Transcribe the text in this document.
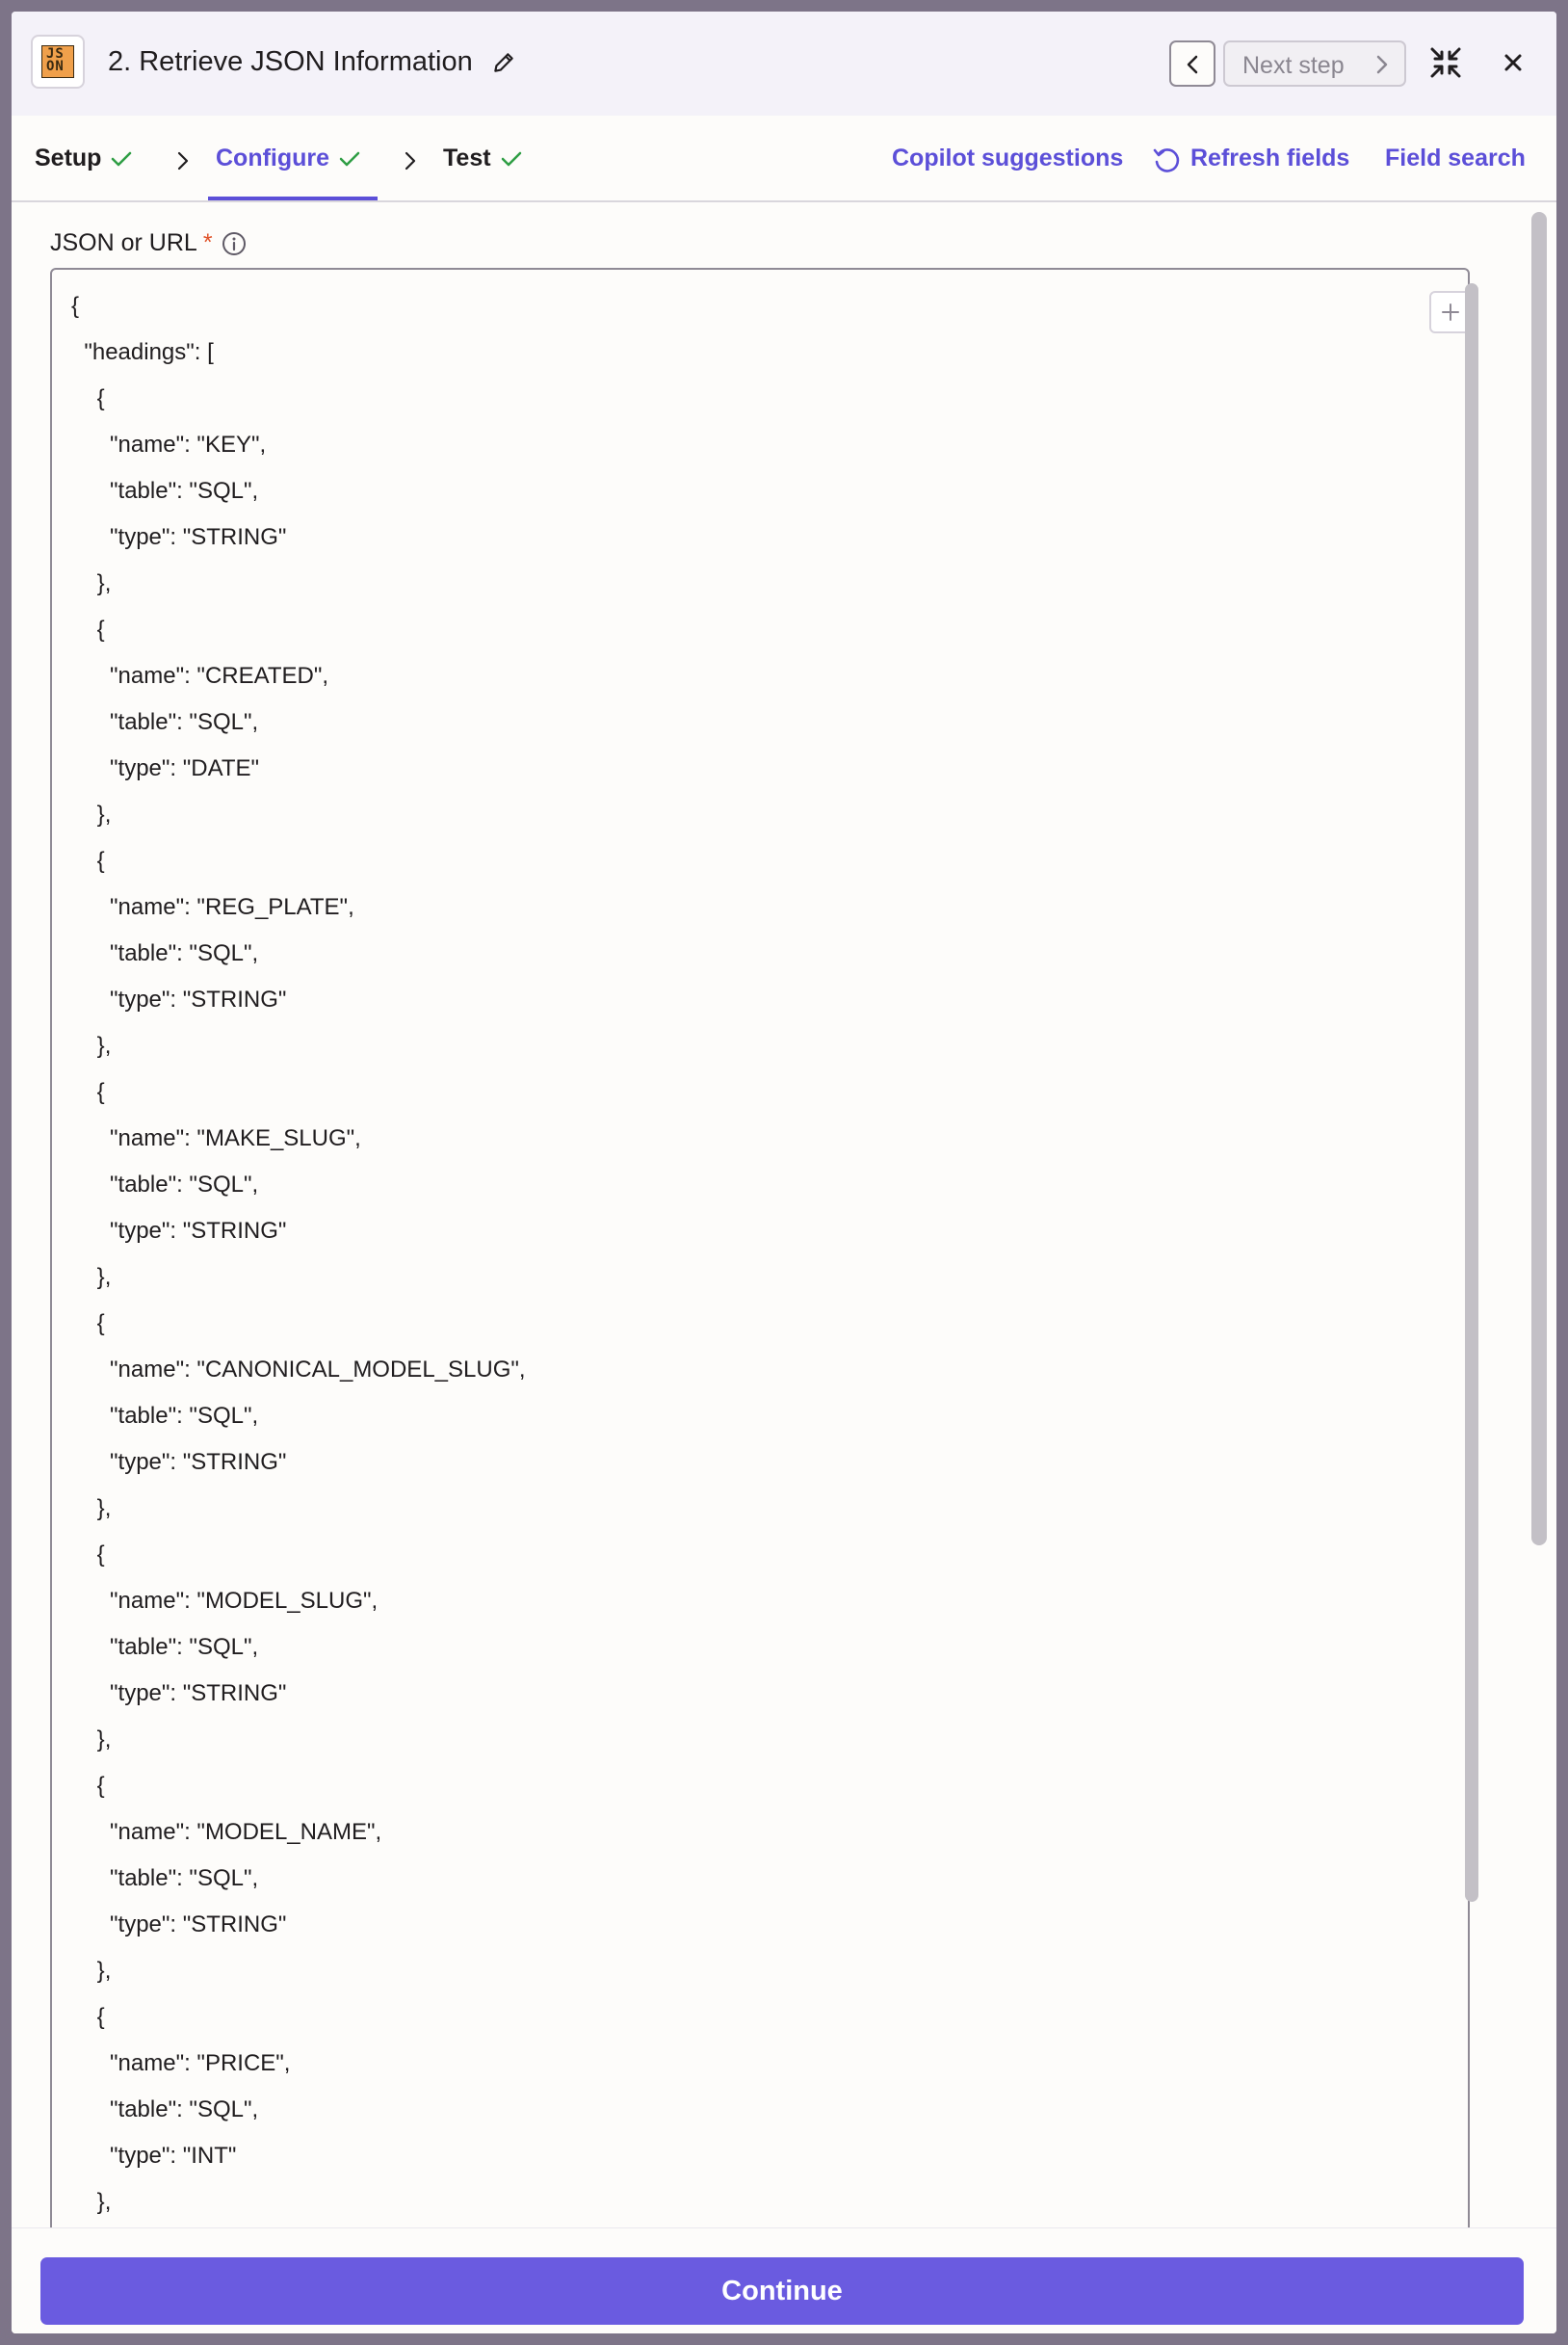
JS
ON	2. Retrieve JSON Information	Next step
Setup	Configure	Test	Copilot suggestions	Refresh fields Field search
JSON or URL *
{
"headings": [
{
"name": "KEY",
"table": "SQL",
"type": "STRING"
},
{
"name": "CREATED",
"table": "SQL",
"type": "DATE"
},
{
"name": "REG_PLATE",
"table": "SQL",
"type": "STRING"
},
{
"name": "MAKE_SLUG",
"table": "SQL",
"type": "STRING"
},
{
"name": "CANONICAL_MODEL_SLUG",
"table": "SQL",
"type": "STRING"
},
{
"name": "MODEL_SLUG",
"table": "SQL",
"type": "STRING"
},
{
"name": "MODEL_NAME",
"table": "SQL",
"type": "STRING"
},
{
"name": "PRICE",
"table": "SQL",
"type": "INT"
},
Continue
